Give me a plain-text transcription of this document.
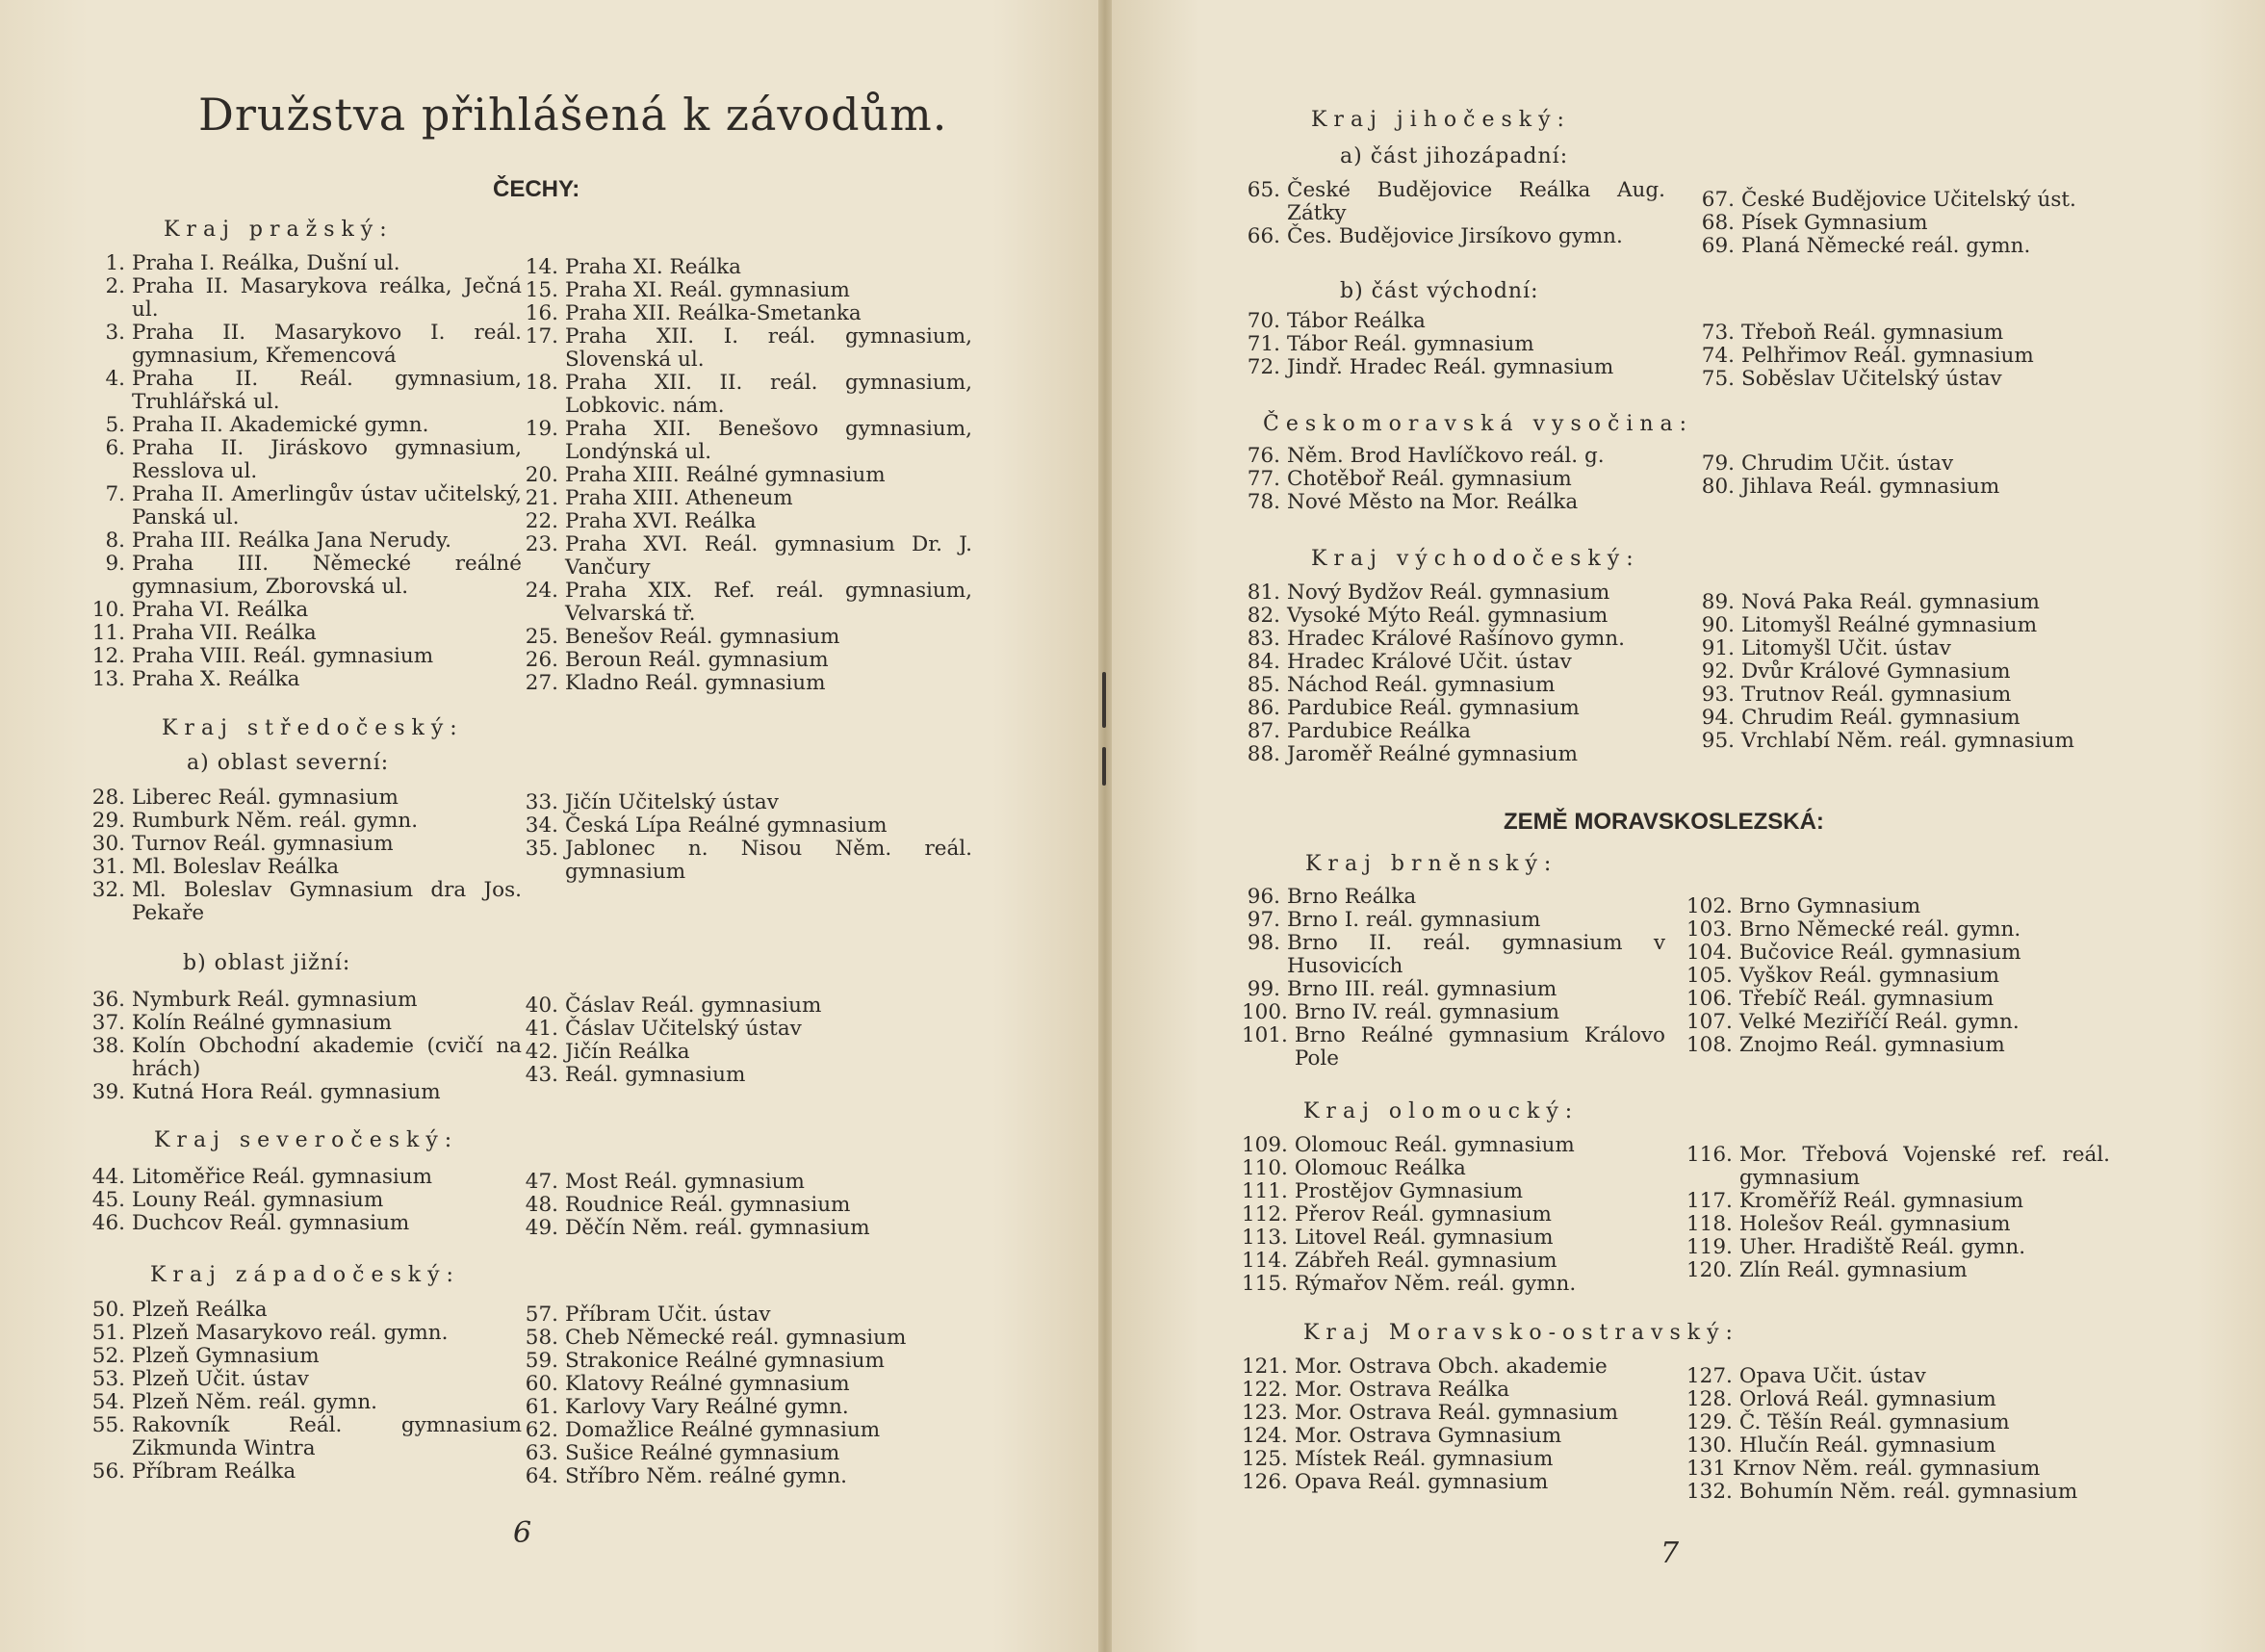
Družstva přihlášená k závodům.
ČECHY:
Kraj pražský:
1. Praha I. Reálka, Dušní ul.
2. Praha II. Masarykova reálka, Ječná ul.
3. Praha II. Masarykovo I. reál. gymnasium, Křemencová
4. Praha II. Reál. gymnasium, Truhlářská ul.
5. Praha II. Akademické gymn.
6. Praha II. Jiráskovo gymnasium, Resslova ul.
7. Praha II. Amerlingův ústav učitelský, Panská ul.
8. Praha III. Reálka Jana Nerudy.
9. Praha III. Německé reálné gymnasium, Zborovská ul.
10. Praha VI. Reálka
11. Praha VII. Reálka
12. Praha VIII. Reál. gymnasium
13. Praha X. Reálka
14. Praha XI. Reálka
15. Praha XI. Reál. gymnasium
16. Praha XII. Reálka-Smetanka
17. Praha XII. I. reál. gymnasium, Slovenská ul.
18. Praha XII. II. reál. gymnasium, Lobkovic. nám.
19. Praha XII. Benešovo gymnasium, Londýnská ul.
20. Praha XIII. Reálné gymnasium
21. Praha XIII. Atheneum
22. Praha XVI. Reálka
23. Praha XVI. Reál. gymnasium Dr. J. Vančury
24. Praha XIX. Ref. reál. gymnasium, Velvarská tř.
25. Benešov Reál. gymnasium
26. Beroun Reál. gymnasium
27. Kladno Reál. gymnasium
Kraj středočeský:
a) oblast severní:
28. Liberec Reál. gymnasium
29. Rumburk Něm. reál. gymn.
30. Turnov Reál. gymnasium
31. Ml. Boleslav Reálka
32. Ml. Boleslav Gymnasium dra Jos. Pekaře
33. Jičín Učitelský ústav
34. Česká Lípa Reálné gymnasium
35. Jablonec n. Nisou Něm. reál. gymnasium
b) oblast jižní:
36. Nymburk Reál. gymnasium
37. Kolín Reálné gymnasium
38. Kolín Obchodní akademie (cvičí na hrách)
39. Kutná Hora Reál. gymnasium
40. Čáslav Reál. gymnasium
41. Čáslav Učitelský ústav
42. Jičín Reálka
43. Reál. gymnasium
Kraj severočeský:
44. Litoměřice Reál. gymnasium
45. Louny Reál. gymnasium
46. Duchcov Reál. gymnasium
47. Most Reál. gymnasium
48. Roudnice Reál. gymnasium
49. Děčín Něm. reál. gymnasium
Kraj západočeský:
50. Plzeň Reálka
51. Plzeň Masarykovo reál. gymn.
52. Plzeň Gymnasium
53. Plzeň Učit. ústav
54. Plzeň Něm. reál. gymn.
55. Rakovník Reál. gymnasium Zikmunda Wintra
56. Příbram Reálka
57. Příbram Učit. ústav
58. Cheb Německé reál. gymnasium
59. Strakonice Reálné gymnasium
60. Klatovy Reálné gymnasium
61. Karlovy Vary Reálné gymn.
62. Domažlice Reálné gymnasium
63. Sušice Reálné gymnasium
64. Stříbro Něm. reálné gymn.
6
Kraj jihočeský:
a) část jihozápadní:
65. České Budějovice Reálka Aug. Zátky
66. Čes. Budějovice Jirsíkovo gymn.
67. České Budějovice Učitelský úst.
68. Písek Gymnasium
69. Planá Německé reál. gymn.
b) část východní:
70. Tábor Reálka
71. Tábor Reál. gymnasium
72. Jindř. Hradec Reál. gymnasium
73. Třeboň Reál. gymnasium
74. Pelhřimov Reál. gymnasium
75. Soběslav Učitelský ústav
Českomoravská vysočina:
76. Něm. Brod Havlíčkovo reál. g.
77. Chotěboř Reál. gymnasium
78. Nové Město na Mor. Reálka
79. Chrudim Učit. ústav
80. Jihlava Reál. gymnasium
Kraj východočeský:
81. Nový Bydžov Reál. gymnasium
82. Vysoké Mýto Reál. gymnasium
83. Hradec Králové Rašínovo gymn.
84. Hradec Králové Učit. ústav
85. Náchod Reál. gymnasium
86. Pardubice Reál. gymnasium
87. Pardubice Reálka
88. Jaroměř Reálné gymnasium
89. Nová Paka Reál. gymnasium
90. Litomyšl Reálné gymnasium
91. Litomyšl Učit. ústav
92. Dvůr Králové Gymnasium
93. Trutnov Reál. gymnasium
94. Chrudim Reál. gymnasium
95. Vrchlabí Něm. reál. gymnasium
ZEMĚ MORAVSKOSLEZSKÁ:
Kraj brněnský:
96. Brno Reálka
97. Brno I. reál. gymnasium
98. Brno II. reál. gymnasium v Husovicích
99. Brno III. reál. gymnasium
100. Brno IV. reál. gymnasium
101. Brno Reálné gymnasium Královo Pole
102. Brno Gymnasium
103. Brno Německé reál. gymn.
104. Bučovice Reál. gymnasium
105. Vyškov Reál. gymnasium
106. Třebíč Reál. gymnasium
107. Velké Meziříčí Reál. gymn.
108. Znojmo Reál. gymnasium
Kraj olomoucký:
109. Olomouc Reál. gymnasium
110. Olomouc Reálka
111. Prostějov Gymnasium
112. Přerov Reál. gymnasium
113. Litovel Reál. gymnasium
114. Zábřeh Reál. gymnasium
115. Rýmařov Něm. reál. gymn.
116. Mor. Třebová Vojenské ref. reál. gymnasium
117. Kroměříž Reál. gymnasium
118. Holešov Reál. gymnasium
119. Uher. Hradiště Reál. gymn.
120. Zlín Reál. gymnasium
Kraj Moravsko-ostravský:
121. Mor. Ostrava Obch. akademie
122. Mor. Ostrava Reálka
123. Mor. Ostrava Reál. gymnasium
124. Mor. Ostrava Gymnasium
125. Místek Reál. gymnasium
126. Opava Reál. gymnasium
127. Opava Učit. ústav
128. Orlová Reál. gymnasium
129. Č. Těšín Reál. gymnasium
130. Hlučín Reál. gymnasium
131 Krnov Něm. reál. gymnasium
132. Bohumín Něm. reál. gymnasium
7
